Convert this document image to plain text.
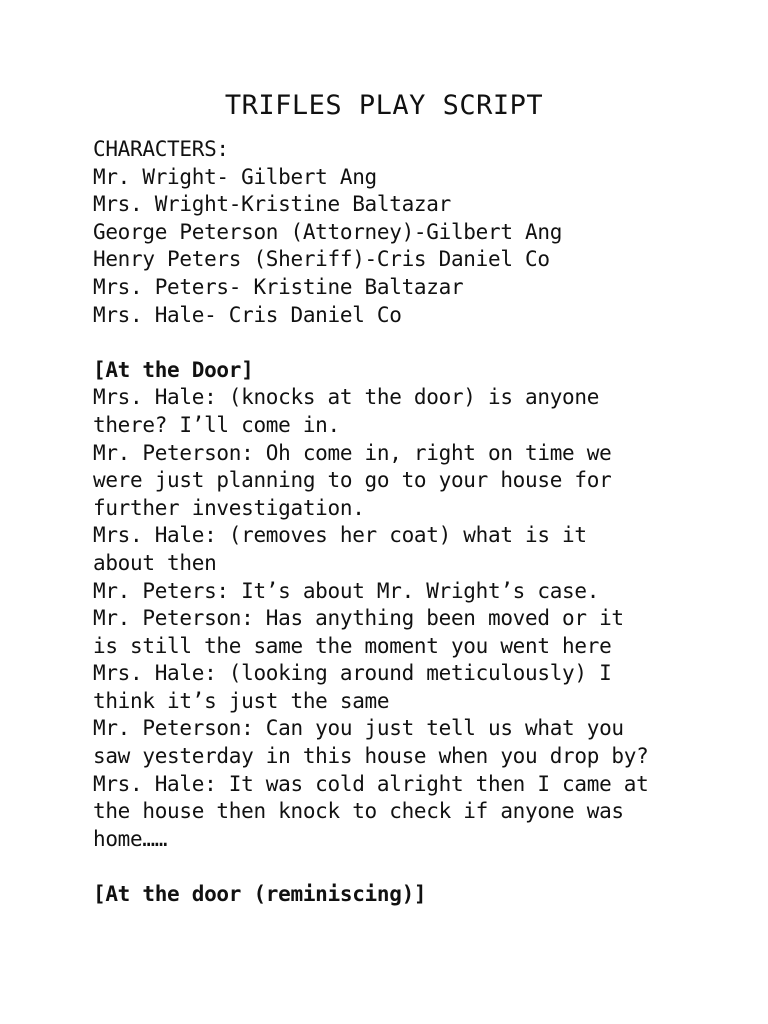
TRIFLES PLAY SCRIPT
CHARACTERS:
Mr. Wright- Gilbert Ang
Mrs. Wright-Kristine Baltazar
George Peterson (Attorney)-Gilbert Ang
Henry Peters (Sheriff)-Cris Daniel Co
Mrs. Peters- Kristine Baltazar
Mrs. Hale- Cris Daniel Co
[At the Door]
Mrs. Hale: (knocks at the door) is anyone
there? I’ll come in.
Mr. Peterson: Oh come in, right on time we
were just planning to go to your house for
further investigation.
Mrs. Hale: (removes her coat) what is it
about then
Mr. Peters: It’s about Mr. Wright’s case.
Mr. Peterson: Has anything been moved or it
is still the same the moment you went here
Mrs. Hale: (looking around meticulously) I
think it’s just the same
Mr. Peterson: Can you just tell us what you
saw yesterday in this house when you drop by?
Mrs. Hale: It was cold alright then I came at
the house then knock to check if anyone was
home……
[At the door (reminiscing)]
